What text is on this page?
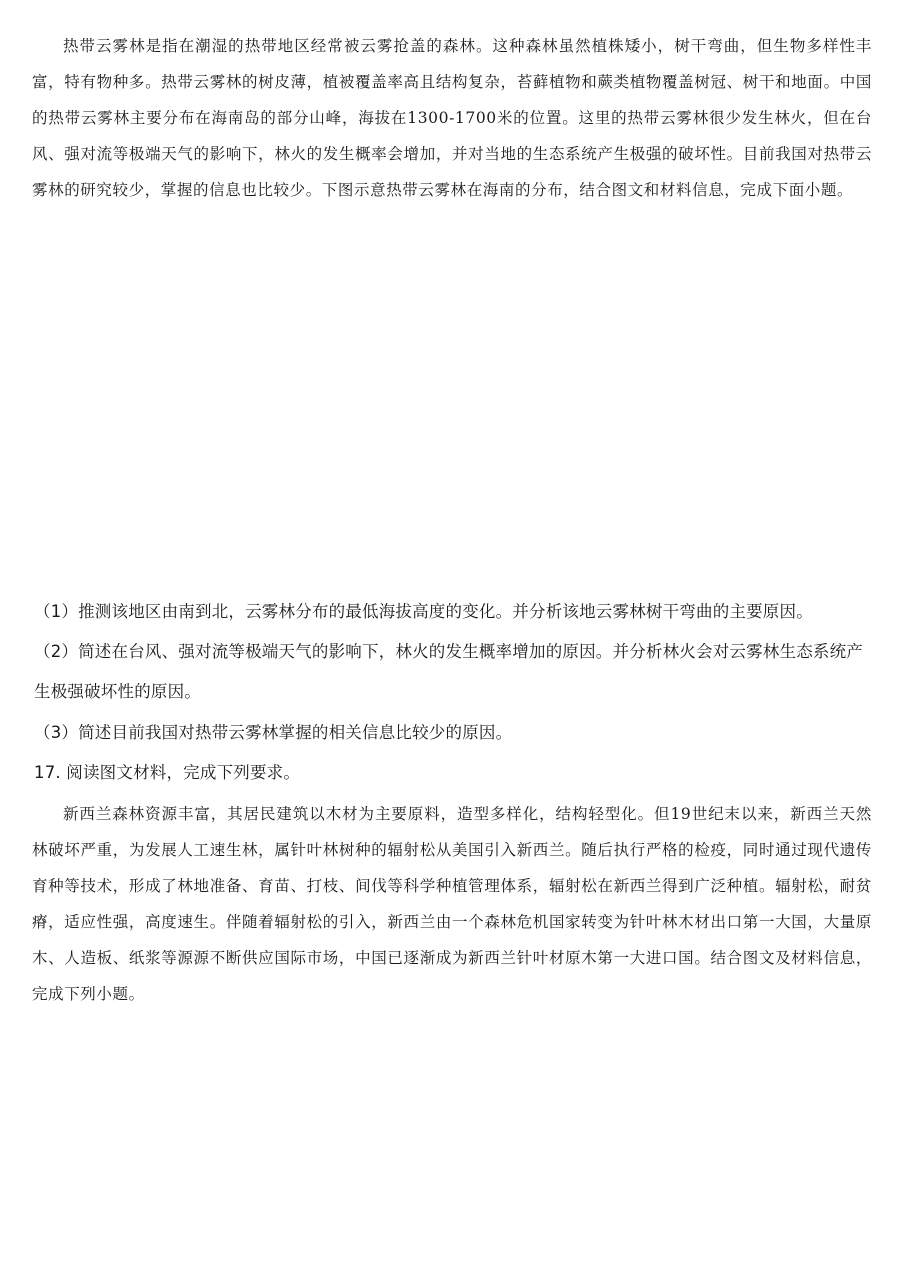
热带云雾林是指在潮湿的热带地区经常被云雾抢盖的森林。这种森林虽然植株矮小，树干弯曲，但生物多样性丰富，特有物种多。热带云雾林的树皮薄，植被覆盖率高且结构复杂，苔藓植物和蕨类植物覆盖树冠、树干和地面。中国的热带云雾林主要分布在海南岛的部分山峰，海拔在1300-1700米的位置。这里的热带云雾林很少发生林火，但在台风、强对流等极端天气的影响下，林火的发生概率会增加，并对当地的生态系统产生极强的破坏性。目前我国对热带云雾林的研究较少，掌握的信息也比较少。下图示意热带云雾林在海南的分布，结合图文和材料信息，完成下面小题。

（1）推测该地区由南到北，云雾林分布的最低海拔高度的变化。并分析该地云雾林树干弯曲的主要原因。

（2）简述在台风、强对流等极端天气的影响下，林火的发生概率增加的原因。并分析林火会对云雾林生态系统产生极强破坏性的原因。

（3）简述目前我国对热带云雾林掌握的相关信息比较少的原因。

17. 阅读图文材料，完成下列要求。

新西兰森林资源丰富，其居民建筑以木材为主要原料，造型多样化，结构轻型化。但19世纪末以来，新西兰天然林破坏严重，为发展人工速生林，属针叶林树种的辐射松从美国引入新西兰。随后执行严格的检疫，同时通过现代遗传育种等技术，形成了林地准备、育苗、打枝、间伐等科学种植管理体系，辐射松在新西兰得到广泛种植。辐射松，耐贫瘠，适应性强，高度速生。伴随着辐射松的引入，新西兰由一个森林危机国家转变为针叶林木材出口第一大国，大量原木、人造板、纸浆等源源不断供应国际市场，中国已逐渐成为新西兰针叶材原木第一大进口国。结合图文及材料信息，完成下列小题。
